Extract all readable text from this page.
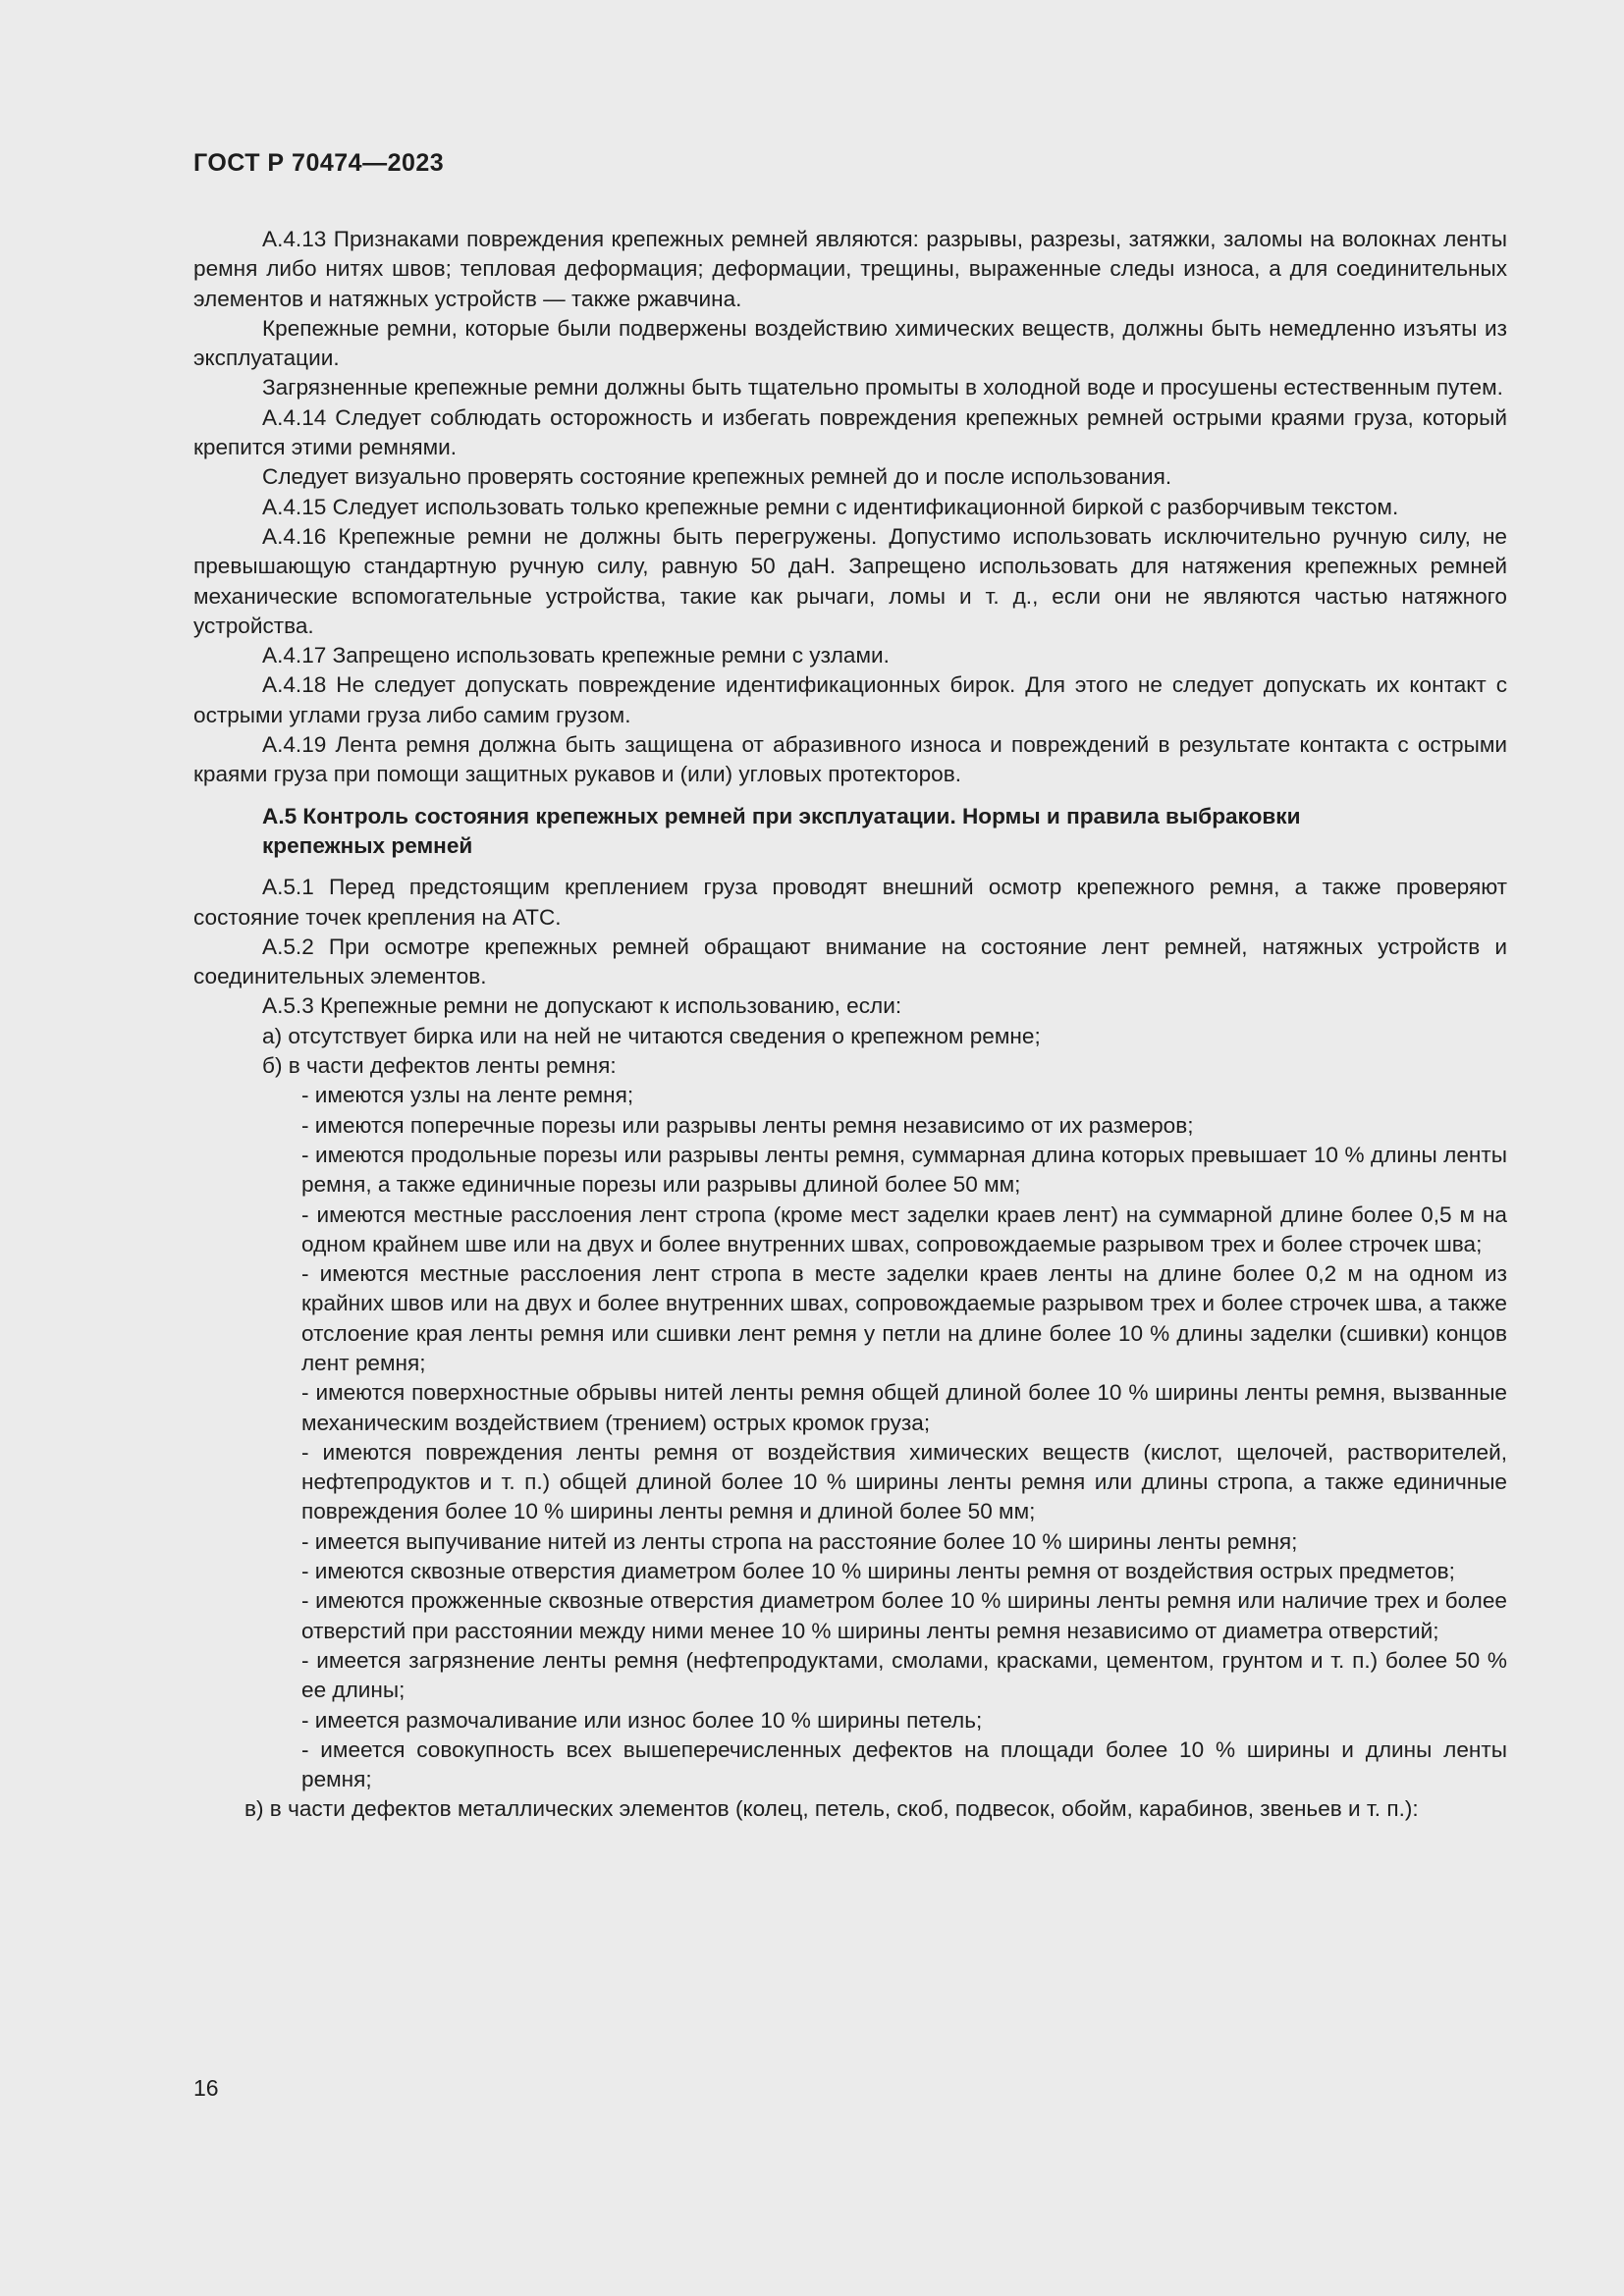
ГОСТ Р 70474—2023

А.4.13 Признаками повреждения крепежных ремней являются: разрывы, разрезы, затяжки, заломы на волокнах ленты ремня либо нитях швов; тепловая деформация; деформации, трещины, выраженные следы износа, а для соединительных элементов и натяжных устройств — также ржавчина.

Крепежные ремни, которые были подвержены воздействию химических веществ, должны быть немедленно изъяты из эксплуатации.

Загрязненные крепежные ремни должны быть тщательно промыты в холодной воде и просушены естественным путем.

А.4.14 Следует соблюдать осторожность и избегать повреждения крепежных ремней острыми краями груза, который крепится этими ремнями.

Следует визуально проверять состояние крепежных ремней до и после использования.

А.4.15 Следует использовать только крепежные ремни с идентификационной биркой с разборчивым текстом.

А.4.16 Крепежные ремни не должны быть перегружены. Допустимо использовать исключительно ручную силу, не превышающую стандартную ручную силу, равную 50 даН. Запрещено использовать для натяжения крепежных ремней механические вспомогательные устройства, такие как рычаги, ломы и т. д., если они не являются частью натяжного устройства.

А.4.17 Запрещено использовать крепежные ремни с узлами.

А.4.18 Не следует допускать повреждение идентификационных бирок. Для этого не следует допускать их контакт с острыми углами груза либо самим грузом.

А.4.19 Лента ремня должна быть защищена от абразивного износа и повреждений в результате контакта с острыми краями груза при помощи защитных рукавов и (или) угловых протекторов.

А.5 Контроль состояния крепежных ремней при эксплуатации. Нормы и правила выбраковки
крепежных ремней

А.5.1 Перед предстоящим креплением груза проводят внешний осмотр крепежного ремня, а также проверяют состояние точек крепления на АТС.

А.5.2 При осмотре крепежных ремней обращают внимание на состояние лент ремней, натяжных устройств и соединительных элементов.

А.5.3 Крепежные ремни не допускают к использованию, если:

а) отсутствует бирка или на ней не читаются сведения о крепежном ремне;

б) в части дефектов ленты ремня:

- имеются узлы на ленте ремня;
- имеются поперечные порезы или разрывы ленты ремня независимо от их размеров;
- имеются продольные порезы или разрывы ленты ремня, суммарная длина которых превышает 10 % длины ленты ремня, а также единичные порезы или разрывы длиной более 50 мм;
- имеются местные расслоения лент стропа (кроме мест заделки краев лент) на суммарной длине более 0,5 м на одном крайнем шве или на двух и более внутренних швах, сопровождаемые разрывом трех и более строчек шва;
- имеются местные расслоения лент стропа в месте заделки краев ленты на длине более 0,2 м на одном из крайних швов или на двух и более внутренних швах, сопровождаемые разрывом трех и более строчек шва, а также отслоение края ленты ремня или сшивки лент ремня у петли на длине более 10 % длины заделки (сшивки) концов лент ремня;
- имеются поверхностные обрывы нитей ленты ремня общей длиной более 10 % ширины ленты ремня, вызванные механическим воздействием (трением) острых кромок груза;
- имеются повреждения ленты ремня от воздействия химических веществ (кислот, щелочей, растворителей, нефтепродуктов и т. п.) общей длиной более 10 % ширины ленты ремня или длины стропа, а также единичные повреждения более 10 % ширины ленты ремня и длиной более 50 мм;
- имеется выпучивание нитей из ленты стропа на расстояние более 10 % ширины ленты ремня;
- имеются сквозные отверстия диаметром более 10 % ширины ленты ремня от воздействия острых предметов;
- имеются прожженные сквозные отверстия диаметром более 10 % ширины ленты ремня или наличие трех и более отверстий при расстоянии между ними менее 10 % ширины ленты ремня независимо от диаметра отверстий;
- имеется загрязнение ленты ремня (нефтепродуктами, смолами, красками, цементом, грунтом и т. п.) более 50 % ее длины;
- имеется размочаливание или износ более 10 % ширины петель;
- имеется совокупность всех вышеперечисленных дефектов на площади более 10 % ширины и длины ленты ремня;

в) в части дефектов металлических элементов (колец, петель, скоб, подвесок, обойм, карабинов, звеньев и т. п.):

16
